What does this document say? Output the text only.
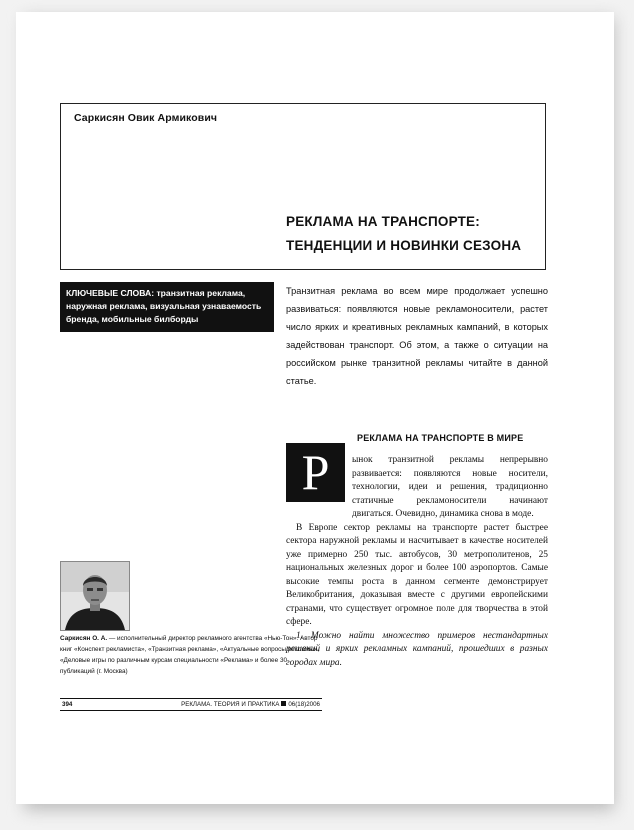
Саркисян Овик Армикович
РЕКЛАМА НА ТРАНСПОРТЕ:
ТЕНДЕНЦИИ И НОВИНКИ СЕЗОНА
КЛЮЧЕВЫЕ СЛОВА: транзитная реклама, наружная реклама, визуальная узнаваемость бренда, мобильные билборды
Транзитная реклама во всем мире продолжает успешно развиваться: появляются новые рекламоносители, растет число ярких и креативных рекламных кампаний, в которых задействован транспорт. Об этом, а также о ситуации на российском рынке транзитной рекламы читайте в данной статье.
РЕКЛАМА НА ТРАНСПОРТЕ В МИРЕ
Р	ынок транзитной рекламы непрерывно развивается: появляются новые носители, технологии, идеи и решения, традиционно статичные рекламоносители начинают двигаться. Очевидно, динамика снова в моде.

В Европе сектор рекламы на транспорте растет быстрее сектора наружной рекламы и насчитывает в качестве носителей уже примерно 250 тыс. автобусов, 30 метрополитенов, 25 национальных железных дорог и более 100 аэропортов. Самые высокие темпы роста в данном сегменте демонстрирует Великобритания, доказывая вместе с другими европейскими странами, что существует огромное поле для творчества в этой сфере.

1. Можно найти множество примеров нестандартных решений и ярких рекламных кампаний, прошедших в разных городах мира.

Саркисян О. А. — исполнительный директор рекламного агентства «Нью-Тон». Автор книг «Конспект рекламиста», «Транзитная реклама», «Актуальные вопросы рекламы», «Деловые игры по различным курсам специальности «Реклама» и более 30 публикаций (г. Москва)
394	РЕКЛАМА. ТЕОРИЯ И ПРАКТИКА 06(18)2006
